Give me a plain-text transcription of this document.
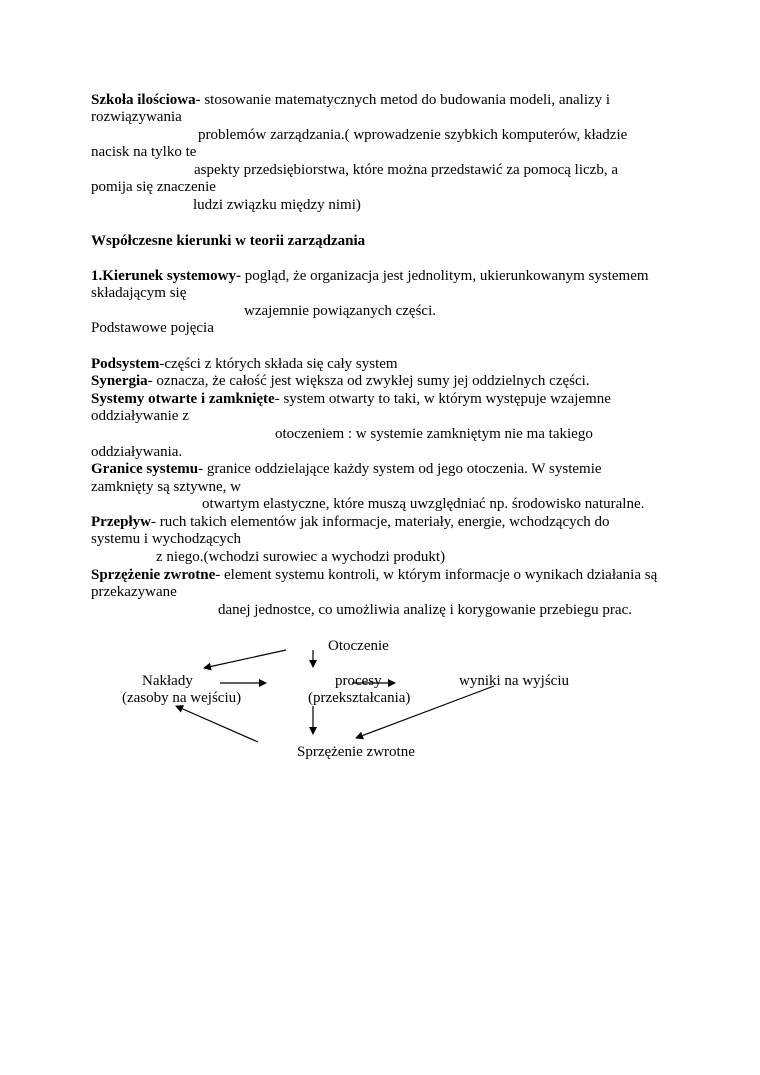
Szkoła ilościowa- stosowanie matematycznych metod do budowania modeli, analizy i
rozwiązywania
problemów zarządzania.( wprowadzenie szybkich komputerów, kładzie
nacisk na tylko te
aspekty przedsiębiorstwa, które można przedstawić za pomocą liczb, a
pomija się znaczenie
ludzi związku między nimi)
Współczesne kierunki w teorii zarządzania
1.Kierunek systemowy- pogląd, że organizacja jest jednolitym, ukierunkowanym systemem
składającym się
wzajemnie powiązanych części.
Podstawowe pojęcia
Podsystem-części z których składa się cały system
Synergia- oznacza, że całość jest większa od zwykłej sumy jej oddzielnych części.
Systemy otwarte i zamknięte- system otwarty to taki, w którym występuje wzajemne
oddziaływanie z
otoczeniem : w systemie zamkniętym nie ma takiego
oddziaływania.
Granice systemu- granice oddzielające każdy system od jego otoczenia. W systemie
zamknięty są sztywne, w
otwartym elastyczne, które muszą uwzględniać np. środowisko naturalne.
Przepływ- ruch takich elementów jak informacje, materiały, energie, wchodzących do
systemu i wychodzących
z niego.(wchodzi surowiec a wychodzi produkt)
Sprzężenie zwrotne- element systemu kontroli, w którym informacje o wynikach działania są
przekazywane
danej jednostce, co umożliwia analizę i korygowanie przebiegu prac.
Otoczenie
Nakłady
(zasoby na wejściu)
procesy
(przekształcania)
wyniki na wyjściu
Sprzężenie zwrotne
